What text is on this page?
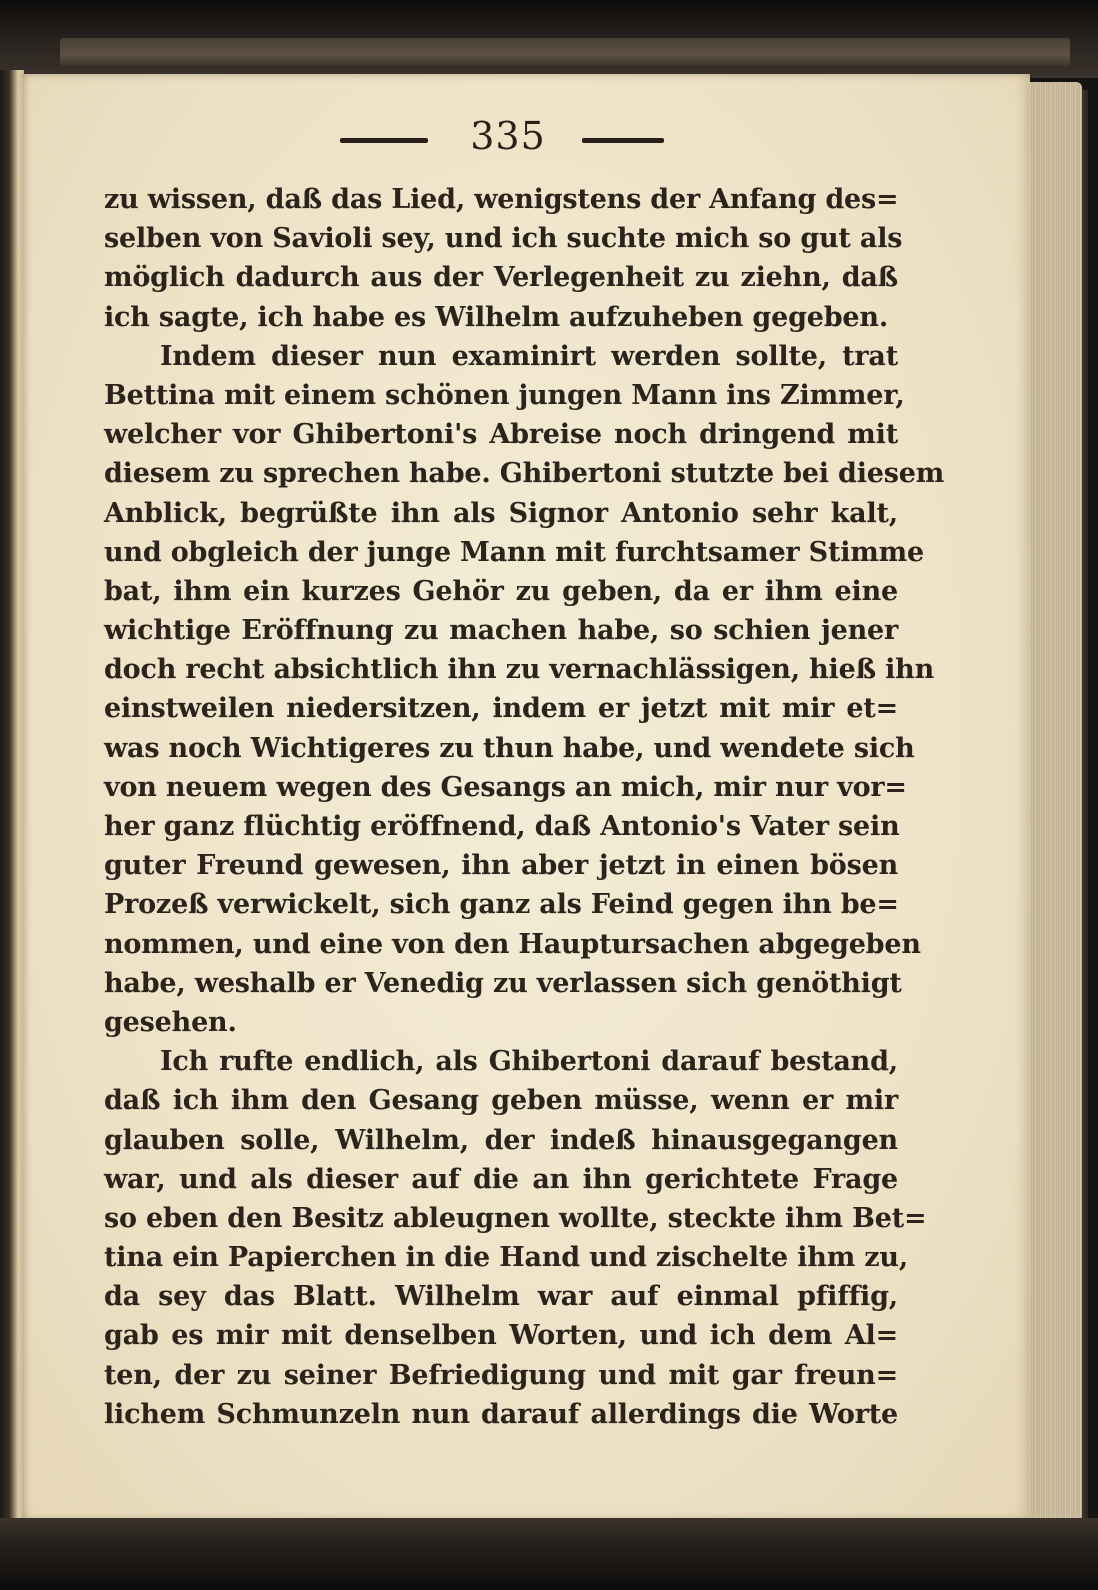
335
zu wissen, daß das Lied, wenigstens der Anfang des=
selben von Savioli sey, und ich suchte mich so gut als
möglich dadurch aus der Verlegenheit zu ziehn, daß
ich sagte, ich habe es Wilhelm aufzuheben gegeben.
Indem dieser nun examinirt werden sollte, trat
Bettina mit einem schönen jungen Mann ins Zimmer,
welcher vor Ghibertoni's Abreise noch dringend mit
diesem zu sprechen habe. Ghibertoni stutzte bei diesem
Anblick, begrüßte ihn als Signor Antonio sehr kalt,
und obgleich der junge Mann mit furchtsamer Stimme
bat, ihm ein kurzes Gehör zu geben, da er ihm eine
wichtige Eröffnung zu machen habe, so schien jener
doch recht absichtlich ihn zu vernachlässigen, hieß ihn
einstweilen niedersitzen, indem er jetzt mit mir et=
was noch Wichtigeres zu thun habe, und wendete sich
von neuem wegen des Gesangs an mich, mir nur vor=
her ganz flüchtig eröffnend, daß Antonio's Vater sein
guter Freund gewesen, ihn aber jetzt in einen bösen
Prozeß verwickelt, sich ganz als Feind gegen ihn be=
nommen, und eine von den Hauptursachen abgegeben
habe, weshalb er Venedig zu verlassen sich genöthigt
gesehen.
Ich rufte endlich, als Ghibertoni darauf bestand,
daß ich ihm den Gesang geben müsse, wenn er mir
glauben solle, Wilhelm, der indeß hinausgegangen
war, und als dieser auf die an ihn gerichtete Frage
so eben den Besitz ableugnen wollte, steckte ihm Bet=
tina ein Papierchen in die Hand und zischelte ihm zu,
da sey das Blatt. Wilhelm war auf einmal pfiffig,
gab es mir mit denselben Worten, und ich dem Al=
ten, der zu seiner Befriedigung und mit gar freun=
lichem Schmunzeln nun darauf allerdings die Worte
